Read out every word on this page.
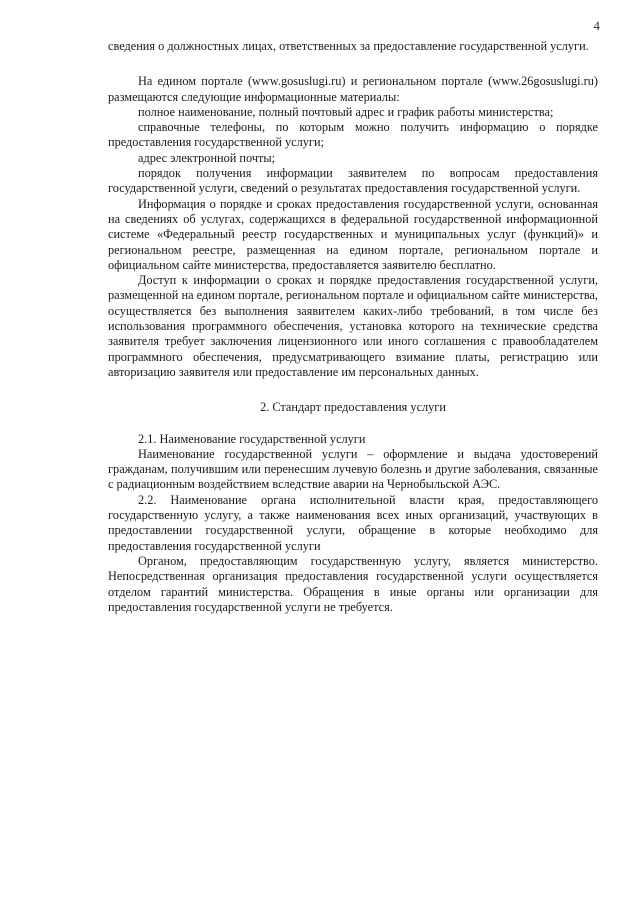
4

сведения о должностных лицах, ответственных за предоставление государственной услуги.

На едином портале (www.gosuslugi.ru) и региональном портале (www.26gosuslugi.ru) размещаются следующие информационные материалы:

полное наименование, полный почтовый адрес и график работы министерства;

справочные телефоны, по которым можно получить информацию о порядке предоставления государственной услуги;

адрес электронной почты;

порядок получения информации заявителем по вопросам предоставления государственной услуги, сведений о результатах предоставления государственной услуги.

Информация о порядке и сроках предоставления государственной услуги, основанная на сведениях об услугах, содержащихся в федеральной государственной информационной системе «Федеральный реестр государственных и муниципальных услуг (функций)» и региональном реестре, размещенная на едином портале, региональном портале и официальном сайте министерства, предоставляется заявителю бесплатно.

Доступ к информации о сроках и порядке предоставления государственной услуги, размещенной на едином портале, региональном портале и официальном сайте министерства, осуществляется без выполнения заявителем каких-либо требований, в том числе без использования программного обеспечения, установка которого на технические средства заявителя требует заключения лицензионного или иного соглашения с правообладателем программного обеспечения, предусматривающего взимание платы, регистрацию или авторизацию заявителя или предоставление им персональных данных.

2. Стандарт предоставления услуги

2.1. Наименование государственной услуги

Наименование государственной услуги – оформление и выдача удостоверений гражданам, получившим или перенесшим лучевую болезнь и другие заболевания, связанные с радиационным воздействием вследствие аварии на Чернобыльской АЭС.

2.2. Наименование органа исполнительной власти края, предоставляющего государственную услугу, а также наименования всех иных организаций, участвующих в предоставлении государственной услуги, обращение в которые необходимо для предоставления государственной услуги

Органом, предоставляющим государственную услугу, является министерство. Непосредственная организация предоставления государственной услуги осуществляется отделом гарантий министерства. Обращения в иные органы или организации для предоставления государственной услуги не требуется.
